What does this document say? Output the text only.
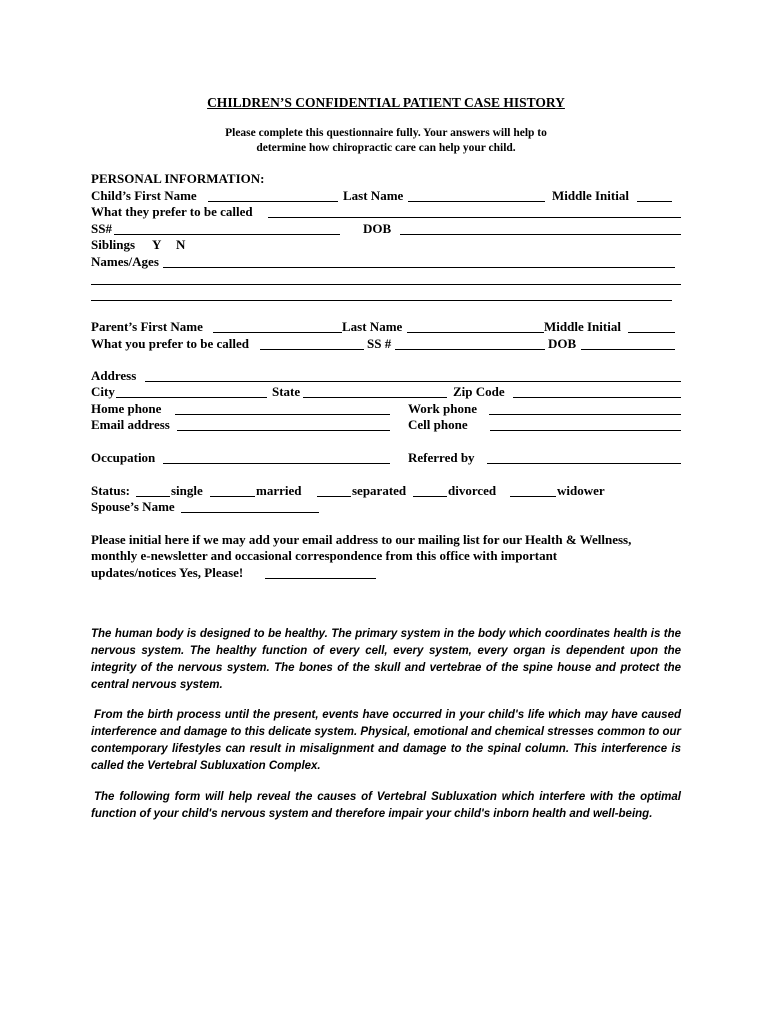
CHILDREN’S CONFIDENTIAL PATIENT CASE HISTORY
Please complete this questionnaire fully. Your answers will help to
determine how chiropractic care can help your child.
PERSONAL INFORMATION:
Child’s First Name	Last Name	Middle Initial
What they prefer to be called
SS#	DOB
Siblings Y N
Names/Ages
Parent’s First Name	Last Name	Middle Initial
What you prefer to be called	SS #	DOB
Address
City	State	Zip Code
Home phone	Work phone
Email address	Cell phone
Occupation	Referred by
Status:	single	married	separated	divorced	widower
Spouse’s Name
Please initial here if we may add your email address to our mailing list for our Health & Wellness,
monthly e-newsletter and occasional correspondence from this office with important
updates/notices Yes, Please!
The human body is designed to be healthy. The primary system in the body which coordinates health is the nervous system. The healthy function of every cell, every system, every organ is dependent upon the integrity of the nervous system. The bones of the skull and vertebrae of the spine house and protect the central nervous system.
From the birth process until the present, events have occurred in your child's life which may have caused interference and damage to this delicate system. Physical, emotional and chemical stresses common to our contemporary lifestyles can result in misalignment and damage to the spinal column. This interference is called the Vertebral Subluxation Complex.
The following form will help reveal the causes of Vertebral Subluxation which interfere with the optimal function of your child's nervous system and therefore impair your child's inborn health and well-being.
